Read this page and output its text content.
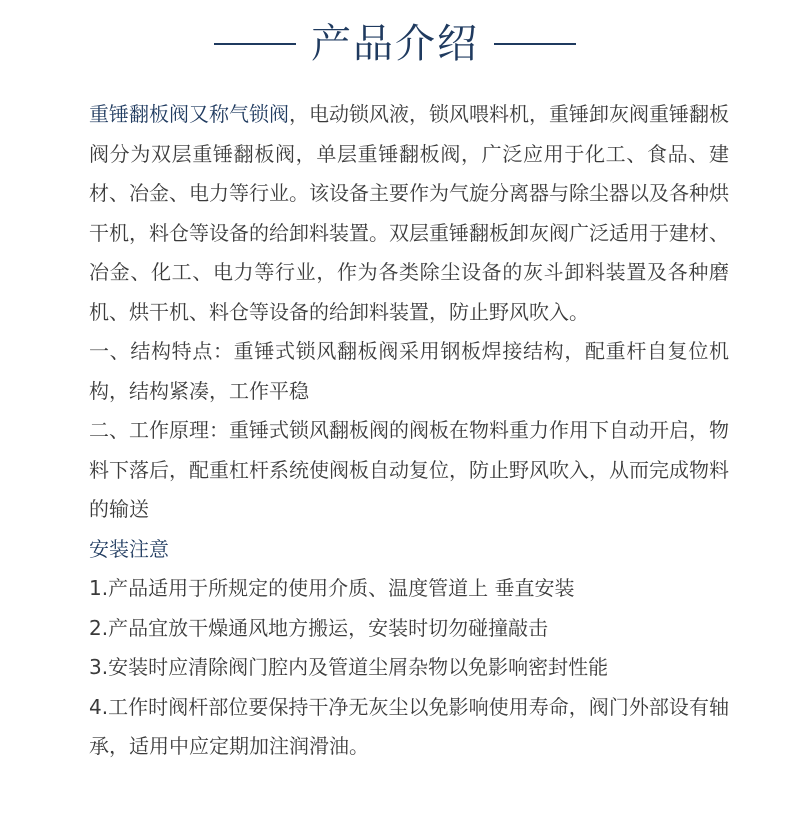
产品介绍

重锤翻板阀又称气锁阀，电动锁风液，锁风喂料机，重锤卸灰阀重锤翻板阀分为双层重锤翻板阀，单层重锤翻板阀，广泛应用于化工、食品、建材、冶金、电力等行业。该设备主要作为气旋分离器与除尘器以及各种烘干机，料仓等设备的给卸料装置。双层重锤翻板卸灰阀广泛适用于建材、冶金、化工、电力等行业，作为各类除尘设备的灰斗卸料装置及各种磨机、烘干机、料仓等设备的给卸料装置，防止野风吹入。

一、结构特点：重锤式锁风翻板阀采用钢板焊接结构，配重杆自复位机构，结构紧凑，工作平稳

二、工作原理：重锤式锁风翻板阀的阀板在物料重力作用下自动开启，物料下落后，配重杠杆系统使阀板自动复位，防止野风吹入，从而完成物料的输送

安装注意

1.产品适用于所规定的使用介质、温度管道上 垂直安装

2.产品宜放干燥通风地方搬运，安装时切勿碰撞敲击

3.安装时应清除阀门腔内及管道尘屑杂物以免影响密封性能

4.工作时阀杆部位要保持干净无灰尘以免影响使用寿命，阀门外部设有轴承，适用中应定期加注润滑油。
